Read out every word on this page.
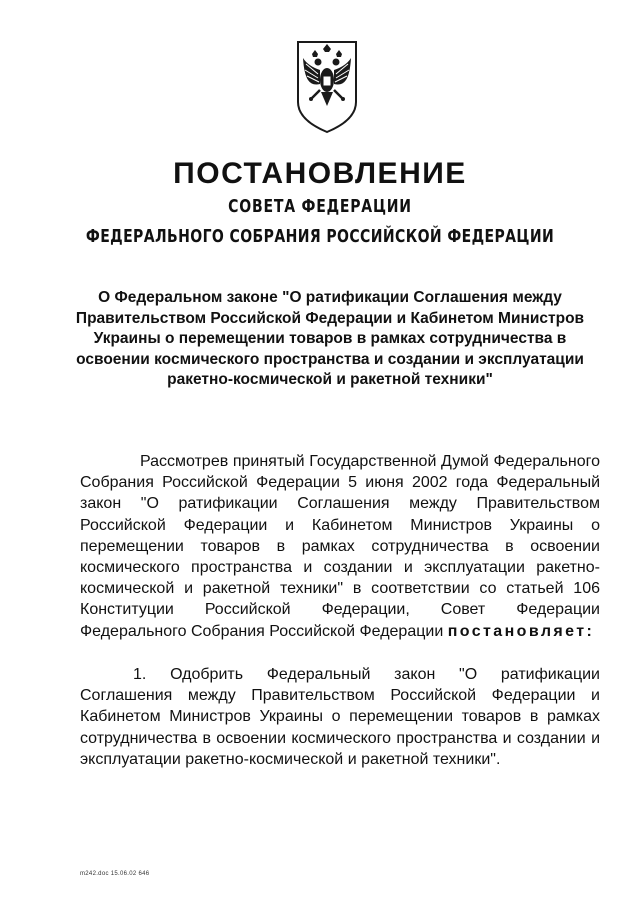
ПОСТАНОВЛЕНИЕ
СОВЕТА ФЕДЕРАЦИИ
ФЕДЕРАЛЬНОГО СОБРАНИЯ РОССИЙСКОЙ ФЕДЕРАЦИИ

О Федеральном законе "О ратификации Соглашения между
Правительством Российской Федерации и Кабинетом Министров
Украины о перемещении товаров в рамках сотрудничества в
освоении космического пространства и создании и эксплуатации
ракетно-космической и ракетной техники"

Рассмотрев принятый Государственной Думой Федерального Собрания Российской Федерации 5 июня 2002 года Федеральный закон "О ратификации Соглашения между Правительством Российской Федерации и Кабинетом Министров Украины о перемещении товаров в рамках сотрудничества в освоении космического пространства и создании и эксплуатации ракетно-космической и ракетной техники" в соответствии со статьей 106 Конституции Российской Федерации, Совет Федерации Федерального Собрания Российской Федерации постановляет:

1. Одобрить Федеральный закон "О ратификации Соглашения между Правительством Российской Федерации и Кабинетом Министров Украины о перемещении товаров в рамках сотрудничества в освоении космического пространства и создании и эксплуатации ракетно-космической и ракетной техники".

m242.doc 15.06.02 646
